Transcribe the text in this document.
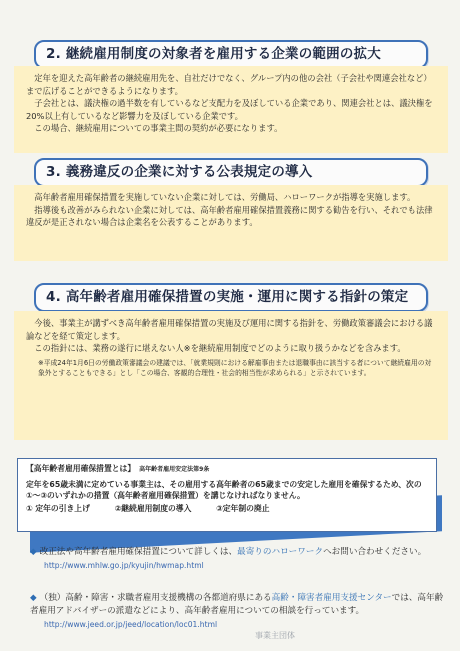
2. 継続雇用制度の対象者を雇用する企業の範囲の拡大

定年を迎えた高年齢者の継続雇用先を、自社だけでなく、グループ内の他の会社（子会社や関連会社など）まで広げることができるようになります。

子会社とは、議決権の過半数を有しているなど支配力を及ぼしている企業であり、関連会社とは、議決権を20%以上有しているなど影響力を及ぼしている企業です。

この場合、継続雇用についての事業主間の契約が必要になります。

3. 義務違反の企業に対する公表規定の導入

高年齢者雇用確保措置を実施していない企業に対しては、労働局、ハローワークが指導を実施します。

指導後も改善がみられない企業に対しては、高年齢者雇用確保措置義務に関する勧告を行い、それでも法律違反が是正されない場合は企業名を公表することがあります。

4. 高年齢者雇用確保措置の実施・運用に関する指針の策定

今後、事業主が講ずべき高年齢者雇用確保措置の実施及び運用に関する指針を、労働政策審議会における議論などを経て策定します。

この指針には、業務の遂行に堪えない人※を継続雇用制度でどのように取り扱うかなどを含みます。

※平成24年1月6日の労働政策審議会の建議では、「就業規則における解雇事由または退職事由に該当する者について継続雇用の対象外とすることもできる」とし「この場合、客観的合理性・社会的相当性が求められる」と示されています。

【高年齢者雇用確保措置とは】 高年齢者雇用安定法第9条
定年を65歳未満に定めている事業主は、その雇用する高年齢者の65歳までの安定した雇用を確保するため、次の①～③のいずれかの措置（高年齢者雇用確保措置）を講じなければなりません。
① 定年の引き上げ	②継続雇用制度の導入	③定年制の廃止
◆ 改正法や高年齢者雇用確保措置について詳しくは、最寄りのハローワークへお問い合わせください。
http://www.mhlw.go.jp/kyujin/hwmap.html
◆ （独）高齢・障害・求職者雇用支援機構の各都道府県にある高齢・障害者雇用支援センターでは、高年齢者雇用アドバイザーの派遣などにより、高年齢者雇用についての相談を行っています。
http://www.jeed.or.jp/jeed/location/loc01.html
事業主団体
